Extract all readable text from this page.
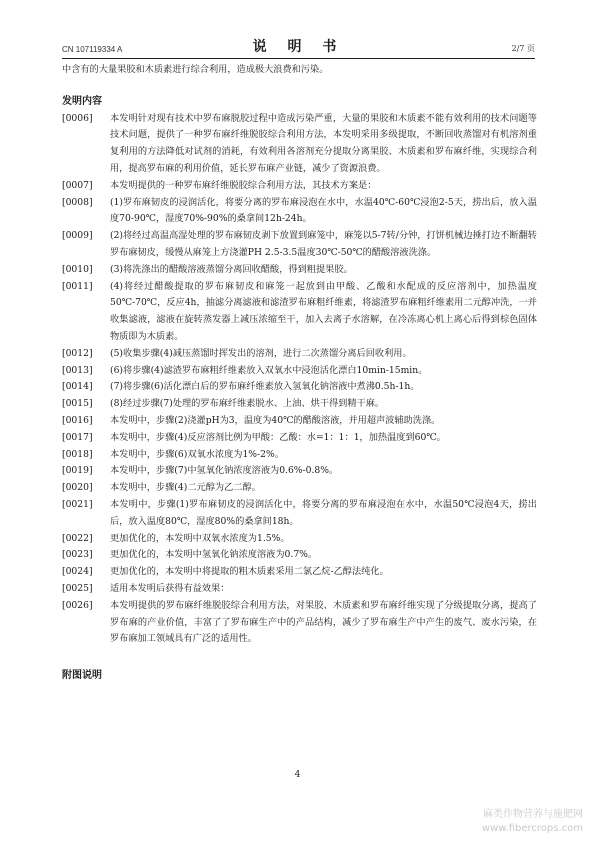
CN 107119334 A	说 明 书	2/7 页

中含有的大量果胶和木质素进行综合利用，造成极大浪费和污染。

发明内容

[0006]	本发明针对现有技术中罗布麻脱胶过程中造成污染严重，大量的果胶和木质素不能有效利用的技术问题等技术问题，提供了一种罗布麻纤维脱胶综合利用方法，本发明采用多级提取，不断回收蒸馏对有机溶剂重复利用的方法降低对试剂的消耗，有效利用各溶剂充分提取分离果胶、木质素和罗布麻纤维，实现综合利用，提高罗布麻的利用价值，延长罗布麻产业链，减少了资源浪费。
[0007]	本发明提供的一种罗布麻纤维脱胶综合利用方法，其技术方案是：
[0008]	(1)罗布麻韧皮的浸润活化，将要分离的罗布麻浸泡在水中，水温40℃-60℃浸泡2-5天，捞出后，放入温度70-90℃，湿度70%-90%的桑拿间12h-24h。
[0009]	(2)将经过高温高湿处理的罗布麻韧皮剥下放置到麻笼中，麻笼以5-7转/分钟，打饼机械边捶打边不断翻转罗布麻韧皮，缓慢从麻笼上方浇灌PH 2.5-3.5温度30℃-50℃的醋酸溶液洗涤。
[0010]	(3)将洗涤出的醋酸溶液蒸馏分离回收醋酸，得到粗提果胶。
[0011]	(4)将经过醋酸提取的罗布麻韧皮和麻笼一起放到由甲酸、乙酸和水配成的反应溶剂中，加热温度50℃-70℃，反应4h，抽滤分离滤液和滤渣罗布麻粗纤维素，将滤渣罗布麻粗纤维素用二元醇冲洗，一并收集滤液，滤液在旋转蒸发器上减压浓缩至干，加入去离子水溶解，在冷冻离心机上离心后得到棕色固体物质即为木质素。
[0012]	(5)收集步骤(4)减压蒸馏时挥发出的溶剂，进行二次蒸馏分离后回收利用。
[0013]	(6)将步骤(4)滤渣罗布麻粗纤维素放入双氧水中浸泡活化漂白10min-15min。
[0014]	(7)将步骤(6)活化漂白后的罗布麻纤维素放入氢氧化钠溶液中煮沸0.5h-1h。
[0015]	(8)经过步骤(7)处理的罗布麻纤维素脱水、上油、烘干得到精干麻。
[0016]	本发明中，步骤(2)浇灌pH为3，温度为40℃的醋酸溶液，并用超声波辅助洗涤。
[0017]	本发明中，步骤(4)反应溶剂比例为甲酸：乙酸：水=1：1：1，加热温度到60℃。
[0018]	本发明中，步骤(6)双氧水浓度为1%-2%。
[0019]	本发明中，步骤(7)中氢氧化钠浓度溶液为0.6%-0.8%。
[0020]	本发明中，步骤(4)二元醇为乙二醇。
[0021]	本发明中，步骤(1)罗布麻韧皮的浸润活化中，将要分离的罗布麻浸泡在水中，水温50℃浸泡4天，捞出后，放入温度80℃，湿度80%的桑拿间18h。
[0022]	更加优化的，本发明中双氧水浓度为1.5%。
[0023]	更加优化的，本发明中氢氧化钠浓度溶液为0.7%。
[0024]	更加优化的，本发明中将提取的粗木质素采用二氯乙烷-乙醇法纯化。
[0025]	适用本发明后获得有益效果：
[0026]	本发明提供的罗布麻纤维脱胶综合利用方法，对果胶、木质素和罗布麻纤维实现了分级提取分离，提高了罗布麻的产业价值，丰富了了罗布麻生产中的产品结构，减少了罗布麻生产中产生的废气、废水污染，在罗布麻加工领域具有广泛的适用性。

附图说明

4
麻类作物营养与施肥网
www.fibercrops.com
